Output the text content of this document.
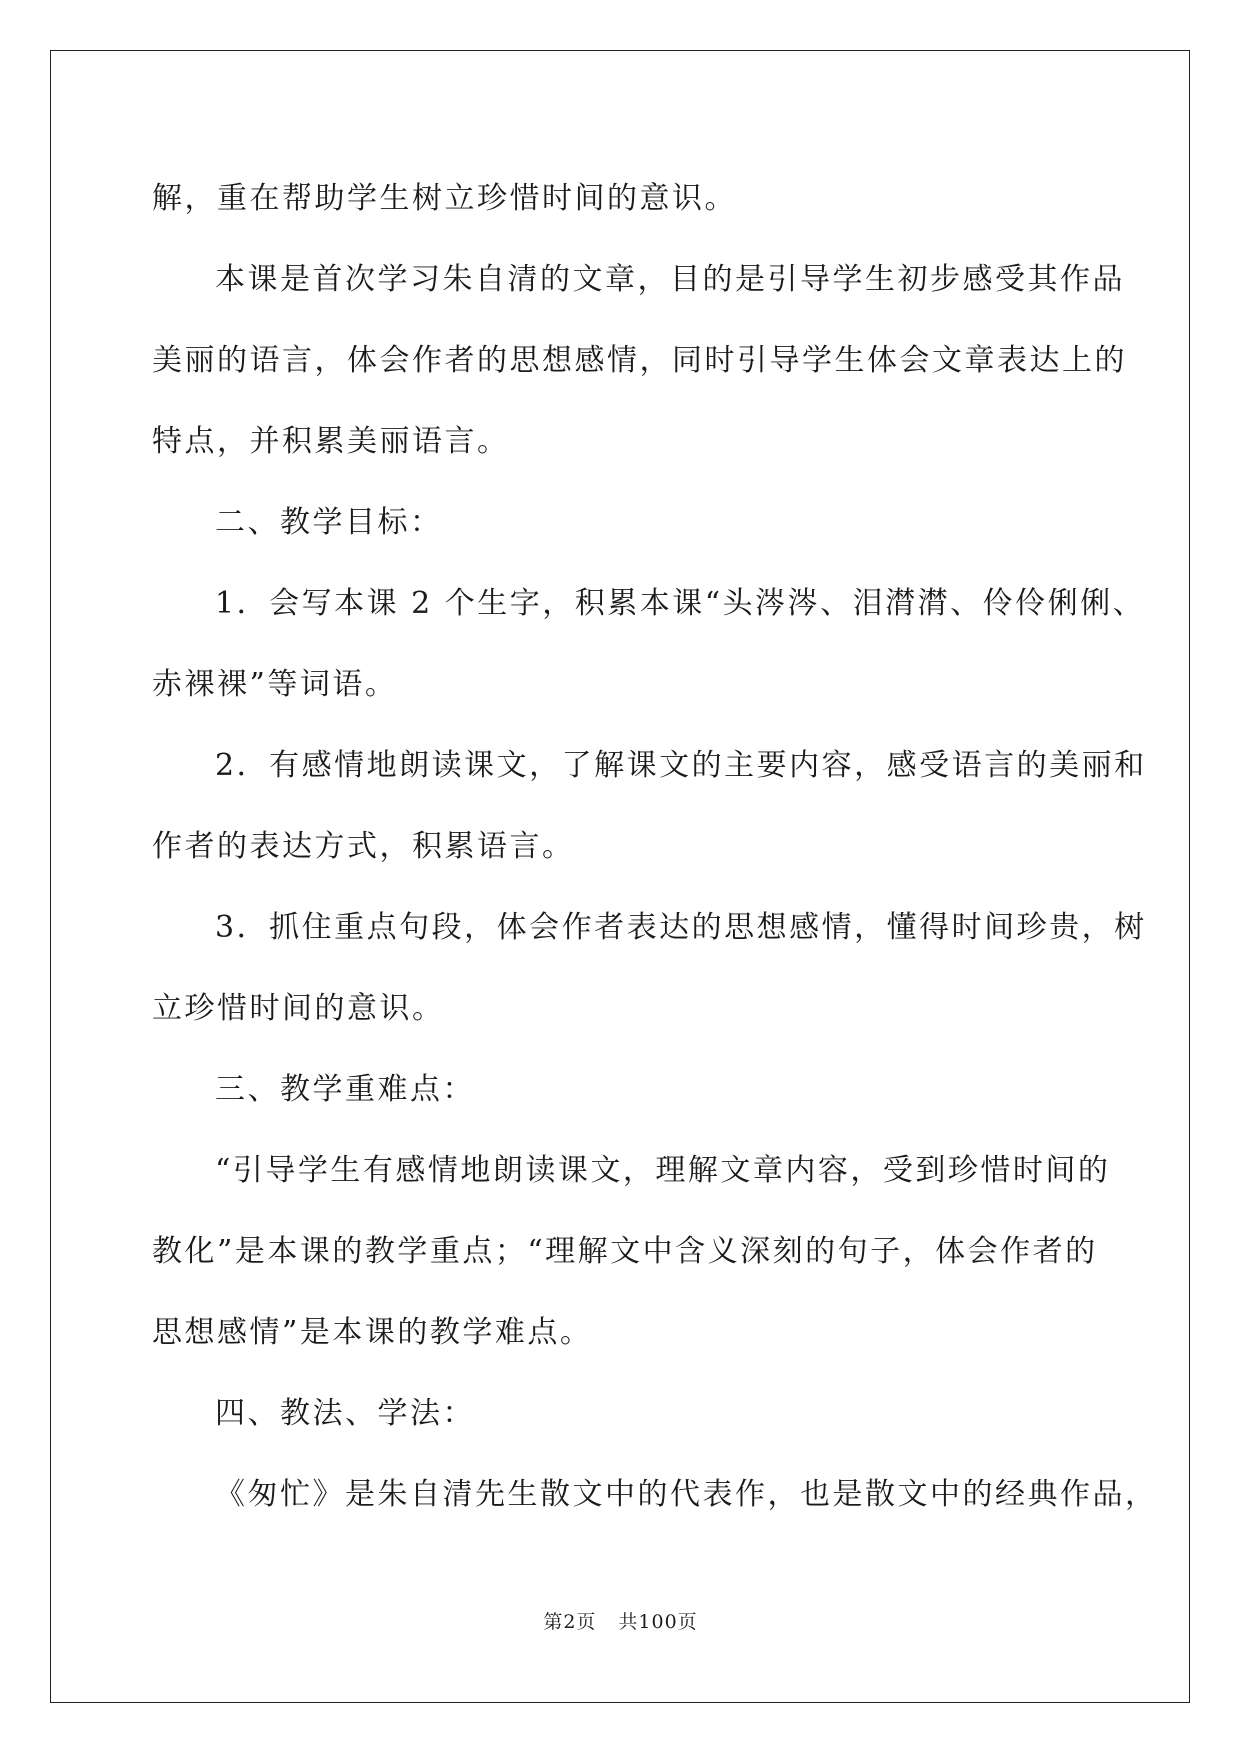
解，重在帮助学生树立珍惜时间的意识。

本课是首次学习朱自清的文章，目的是引导学生初步感受其作品

美丽的语言，体会作者的思想感情，同时引导学生体会文章表达上的

特点，并积累美丽语言。

二、教学目标：

1．会写本课 2 个生字，积累本课“头涔涔、泪潸潸、伶伶俐俐、

赤裸裸”等词语。

2．有感情地朗读课文，了解课文的主要内容，感受语言的美丽和

作者的表达方式，积累语言。

3．抓住重点句段，体会作者表达的思想感情，懂得时间珍贵，树

立珍惜时间的意识。

三、教学重难点：

“引导学生有感情地朗读课文，理解文章内容，受到珍惜时间的

教化”是本课的教学重点；“理解文中含义深刻的句子，体会作者的

思想感情”是本课的教学难点。

四、教法、学法：

《匆忙》是朱自清先生散文中的代表作，也是散文中的经典作品，

第2页 共100页
